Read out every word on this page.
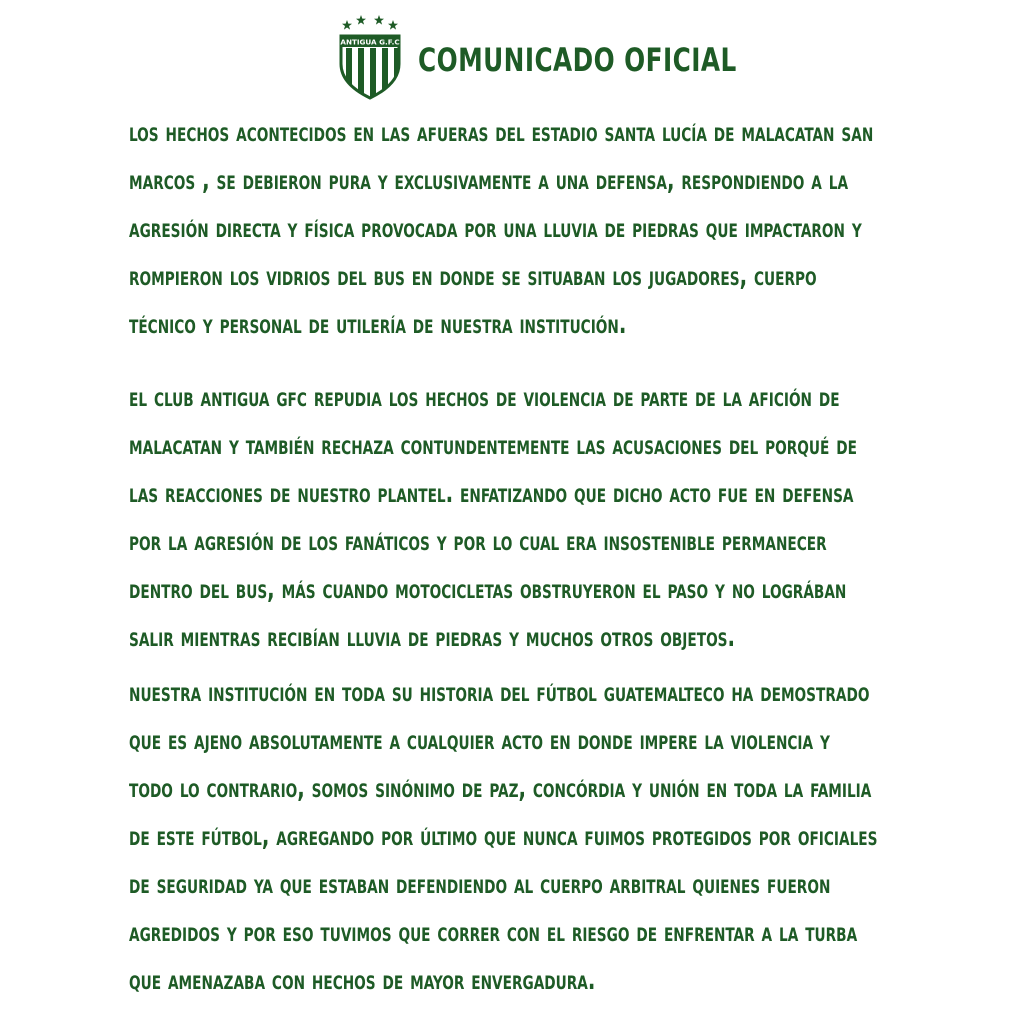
ANTIGUA G.F.C COMUNICADO OFICIAL
los hechos acontecidos en las afueras del estadio santa lucía de malacatan san
marcos , se debieron pura y exclusivamente a una defensa, respondiendo a la
agresión directa y física provocada por una lluvia de piedras que impactaron y
rompieron los vidrios del bus en donde se situaban los jugadores, cuerpo
técnico y personal de utilería de nuestra institución.
el club antigua gfc repudia los hechos de violencia de parte de la afición de
malacatan y también rechaza contundentemente las acusaciones del porqué de
las reacciones de nuestro plantel. enfatizando que dicho acto fue en defensa
por la agresión de los fanáticos y por lo cual era insostenible permanecer
dentro del bus, más cuando motocicletas obstruyeron el paso y no lográban
salir mientras recibían lluvia de piedras y muchos otros objetos.
nuestra institución en toda su historia del fútbol guatemalteco ha demostrado
que es ajeno absolutamente a cualquier acto en donde impere la violencia y
todo lo contrario, somos sinónimo de paz, concórdia y unión en toda la familia
de este fútbol, agregando por último que nunca fuimos protegidos por oficiales
de seguridad ya que estaban defendiendo al cuerpo arbitral quienes fueron
agredidos y por eso tuvimos que correr con el riesgo de enfrentar a la turba
que amenazaba con hechos de mayor envergadura.
